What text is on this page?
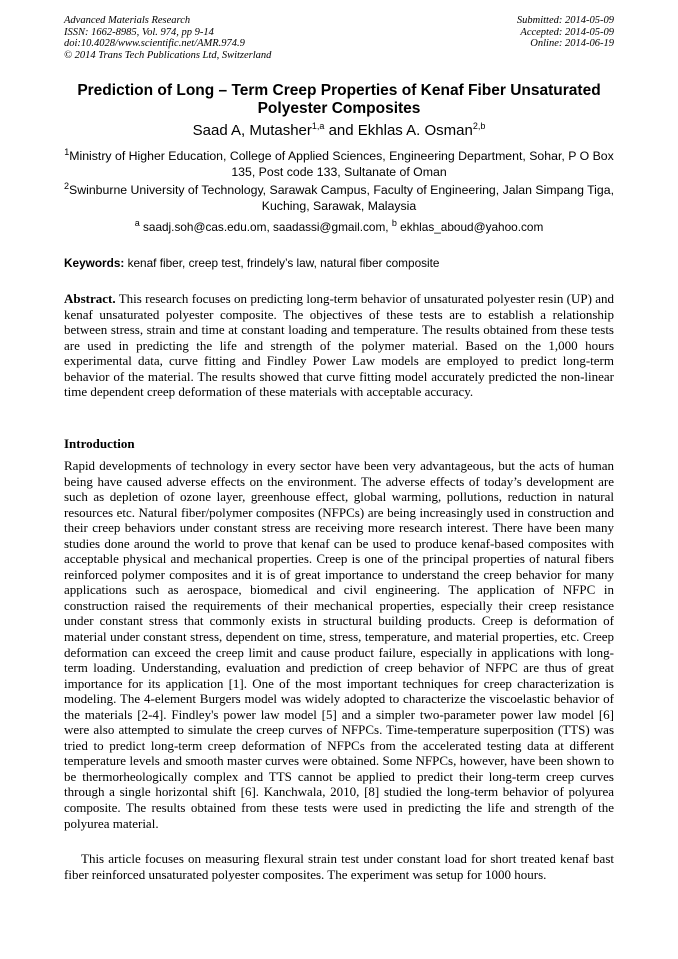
Advanced Materials Research
ISSN: 1662-8985, Vol. 974, pp 9-14
doi:10.4028/www.scientific.net/AMR.974.9
© 2014 Trans Tech Publications Ltd, Switzerland
Submitted: 2014-05-09
Accepted: 2014-05-09
Online: 2014-06-19
Prediction of Long – Term Creep Properties of Kenaf Fiber Unsaturated Polyester Composites
Saad A, Mutasher$^{1,a}$ and Ekhlas A. Osman$^{2,b}$
$^1$Ministry of Higher Education, College of Applied Sciences, Engineering Department, Sohar, P O Box 135, Post code 133, Sultanate of Oman
$^2$Swinburne University of Technology, Sarawak Campus, Faculty of Engineering, Jalan Simpang Tiga, Kuching, Sarawak, Malaysia
$^a$ saadj.soh@cas.edu.om, saadassi@gmail.com, $^b$ ekhlas_aboud@yahoo.com
Keywords: kenaf fiber, creep test, frindely’s law, natural fiber composite
Abstract. This research focuses on predicting long-term behavior of unsaturated polyester resin (UP) and kenaf unsaturated polyester composite. The objectives of these tests are to establish a relationship between stress, strain and time at constant loading and temperature. The results obtained from these tests are used in predicting the life and strength of the polymer material. Based on the 1,000 hours experimental data, curve fitting and Findley Power Law models are employed to predict long-term behavior of the material. The results showed that curve fitting model accurately predicted the non-linear time dependent creep deformation of these materials with acceptable accuracy.
Introduction

Rapid developments of technology in every sector have been very advantageous, but the acts of human being have caused adverse effects on the environment. The adverse effects of today’s development are such as depletion of ozone layer, greenhouse effect, global warming, pollutions, reduction in natural resources etc. Natural fiber/polymer composites (NFPCs) are being increasingly used in construction and their creep behaviors under constant stress are receiving more research interest. There have been many studies done around the world to prove that kenaf can be used to produce kenaf-based composites with acceptable physical and mechanical properties. Creep is one of the principal properties of natural fibers reinforced polymer composites and it is of great importance to understand the creep behavior for many applications such as aerospace, biomedical and civil engineering. The application of NFPC in construction raised the requirements of their mechanical properties, especially their creep resistance under constant stress that commonly exists in structural building products. Creep is deformation of material under constant stress, dependent on time, stress, temperature, and material properties, etc. Creep deformation can exceed the creep limit and cause product failure, especially in applications with long-term loading. Understanding, evaluation and prediction of creep behavior of NFPC are thus of great importance for its application [1]. One of the most important techniques for creep characterization is modeling. The 4-element Burgers model was widely adopted to characterize the viscoelastic behavior of the materials [2-4]. Findley's power law model [5] and a simpler two-parameter power law model [6] were also attempted to simulate the creep curves of NFPCs. Time-temperature superposition (TTS) was tried to predict long-term creep deformation of NFPCs from the accelerated testing data at different temperature levels and smooth master curves were obtained. Some NFPCs, however, have been shown to be thermorheologically complex and TTS cannot be applied to predict their long-term creep curves through a single horizontal shift [6]. Kanchwala, 2010, [8] studied the long-term behavior of polyurea composite. The results obtained from these tests were used in predicting the life and strength of the polyurea material.

This article focuses on measuring flexural strain test under constant load for short treated kenaf bast fiber reinforced unsaturated polyester composites. The experiment was setup for 1000 hours.
